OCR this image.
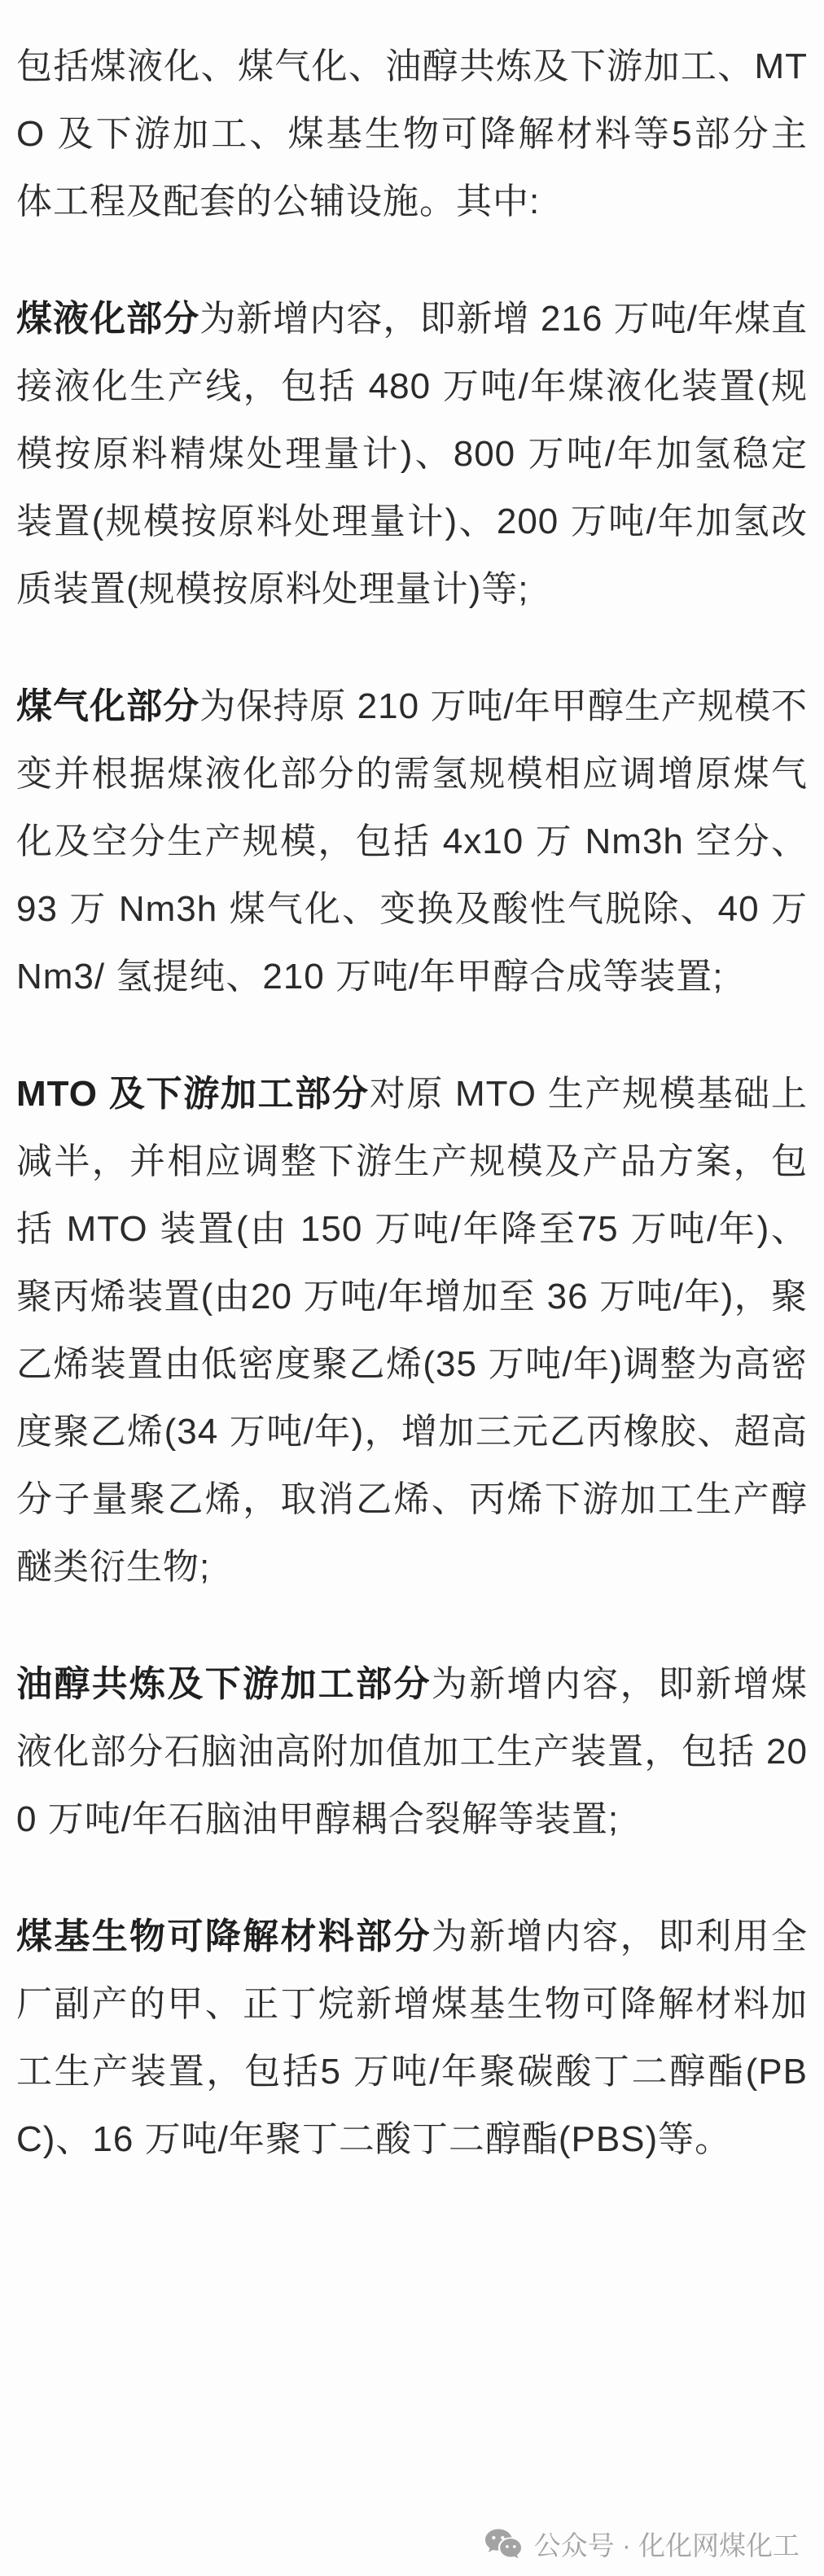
包括煤液化、煤气化、油醇共炼及下游加工、MTO 及下游加工、煤基生物可降解材料等5部分主体工程及配套的公辅设施。其中:

煤液化部分为新增内容，即新增 216 万吨/年煤直接液化生产线，包括 480 万吨/年煤液化装置(规模按原料精煤处理量计)、800 万吨/年加氢稳定装置(规模按原料处理量计)、200 万吨/年加氢改质装置(规模按原料处理量计)等;

煤气化部分为保持原 210 万吨/年甲醇生产规模不变并根据煤液化部分的需氢规模相应调增原煤气化及空分生产规模，包括 4x10 万 Nm3h 空分、93 万 Nm3h 煤气化、变换及酸性气脱除、40 万 Nm3/ 氢提纯、210 万吨/年甲醇合成等装置;

MTO 及下游加工部分对原 MTO 生产规模基础上减半，并相应调整下游生产规模及产品方案，包括 MTO 装置(由 150 万吨/年降至75 万吨/年)、聚丙烯装置(由20 万吨/年增加至 36 万吨/年)，聚乙烯装置由低密度聚乙烯(35 万吨/年)调整为高密度聚乙烯(34 万吨/年)，增加三元乙丙橡胶、超高分子量聚乙烯，取消乙烯、丙烯下游加工生产醇醚类衍生物;

油醇共炼及下游加工部分为新增内容，即新增煤液化部分石脑油高附加值加工生产装置，包括 200 万吨/年石脑油甲醇耦合裂解等装置;

煤基生物可降解材料部分为新增内容，即利用全厂副产的甲、正丁烷新增煤基生物可降解材料加工生产装置，包括5 万吨/年聚碳酸丁二醇酯(PBC)、16 万吨/年聚丁二酸丁二醇酯(PBS)等。

公众号 · 化化网煤化工
